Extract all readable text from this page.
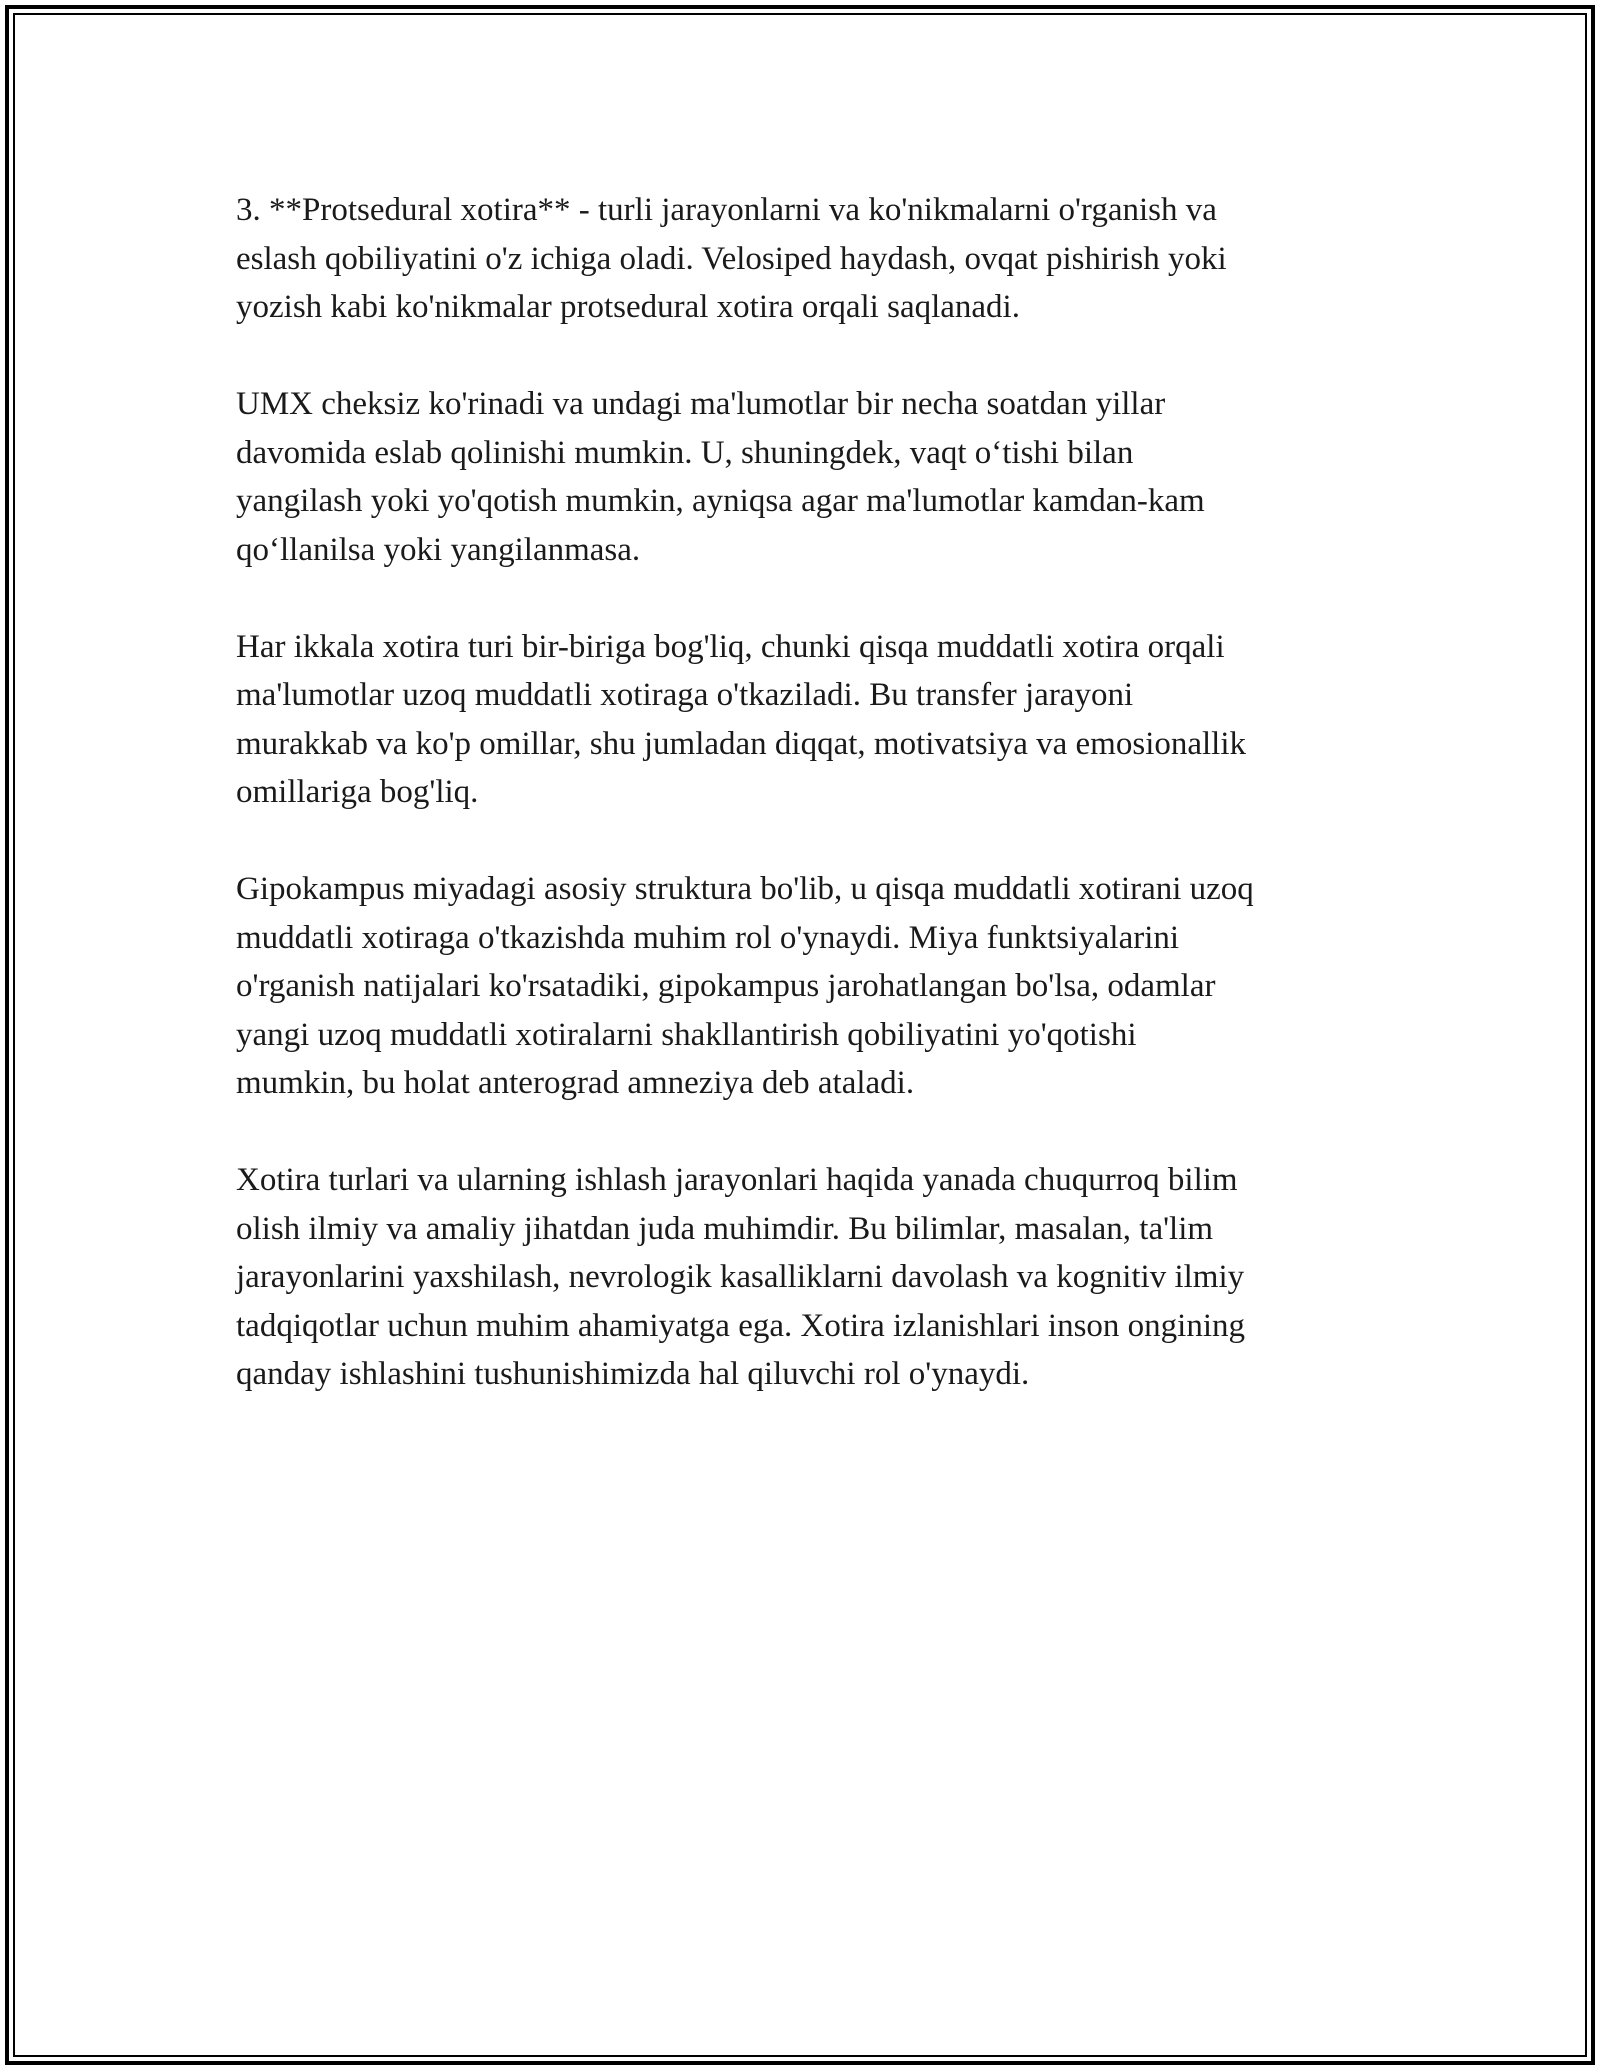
3. **Protsedural xotira** - turli jarayonlarni va ko'nikmalarni o'rganish va
eslash qobiliyatini o'z ichiga oladi. Velosiped haydash, ovqat pishirish yoki
yozish kabi ko'nikmalar protsedural xotira orqali saqlanadi.

UMX cheksiz ko'rinadi va undagi ma'lumotlar bir necha soatdan yillar
davomida eslab qolinishi mumkin. U, shuningdek, vaqt o‘tishi bilan
yangilash yoki yo'qotish mumkin, ayniqsa agar ma'lumotlar kamdan-kam
qo‘llanilsa yoki yangilanmasa.

Har ikkala xotira turi bir-biriga bog'liq, chunki qisqa muddatli xotira orqali
ma'lumotlar uzoq muddatli xotiraga o'tkaziladi. Bu transfer jarayoni
murakkab va ko'p omillar, shu jumladan diqqat, motivatsiya va emosionallik
omillariga bog'liq.

Gipokampus miyadagi asosiy struktura bo'lib, u qisqa muddatli xotirani uzoq
muddatli xotiraga o'tkazishda muhim rol o'ynaydi. Miya funktsiyalarini
o'rganish natijalari ko'rsatadiki, gipokampus jarohatlangan bo'lsa, odamlar
yangi uzoq muddatli xotiralarni shakllantirish qobiliyatini yo'qotishi
mumkin, bu holat anterograd amneziya deb ataladi.

Xotira turlari va ularning ishlash jarayonlari haqida yanada chuqurroq bilim
olish ilmiy va amaliy jihatdan juda muhimdir. Bu bilimlar, masalan, ta'lim
jarayonlarini yaxshilash, nevrologik kasalliklarni davolash va kognitiv ilmiy
tadqiqotlar uchun muhim ahamiyatga ega. Xotira izlanishlari inson ongining
qanday ishlashini tushunishimizda hal qiluvchi rol o'ynaydi.
